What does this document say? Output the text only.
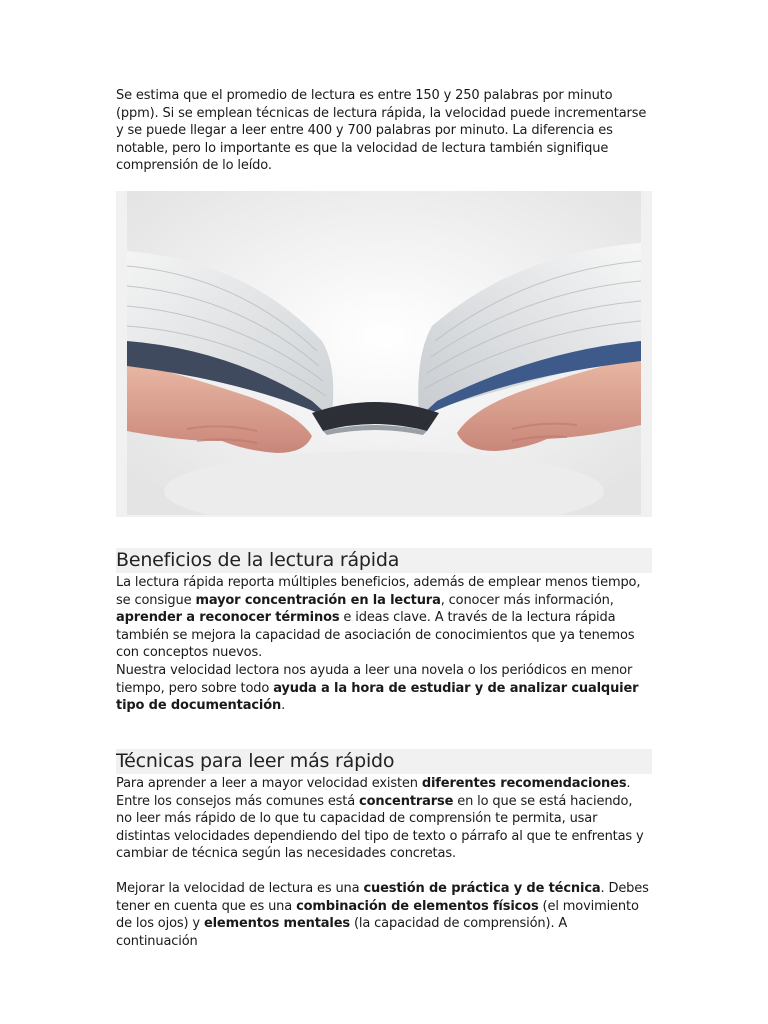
Se estima que el promedio de lectura es entre 150 y 250 palabras por minuto (ppm). Si se emplean técnicas de lectura rápida, la velocidad puede incrementarse y se puede llegar a leer entre 400 y 700 palabras por minuto. La diferencia es notable, pero lo importante es que la velocidad de lectura también signifique comprensión de lo leído.

Beneficios de la lectura rápida

La lectura rápida reporta múltiples beneficios, además de emplear menos tiempo, se consigue mayor concentración en la lectura, conocer más información, aprender a reconocer términos e ideas clave. A través de la lectura rápida también se mejora la capacidad de asociación de conocimientos que ya tenemos con conceptos nuevos.

Nuestra velocidad lectora nos ayuda a leer una novela o los periódicos en menor tiempo, pero sobre todo ayuda a la hora de estudiar y de analizar cualquier tipo de documentación.

Técnicas para leer más rápido

Para aprender a leer a mayor velocidad existen diferentes recomendaciones. Entre los consejos más comunes está concentrarse en lo que se está haciendo, no leer más rápido de lo que tu capacidad de comprensión te permita, usar distintas velocidades dependiendo del tipo de texto o párrafo al que te enfrentas y cambiar de técnica según las necesidades concretas.

Mejorar la velocidad de lectura es una cuestión de práctica y de técnica. Debes tener en cuenta que es una combinación de elementos físicos (el movimiento de los ojos) y elementos mentales (la capacidad de comprensión). A continuación
